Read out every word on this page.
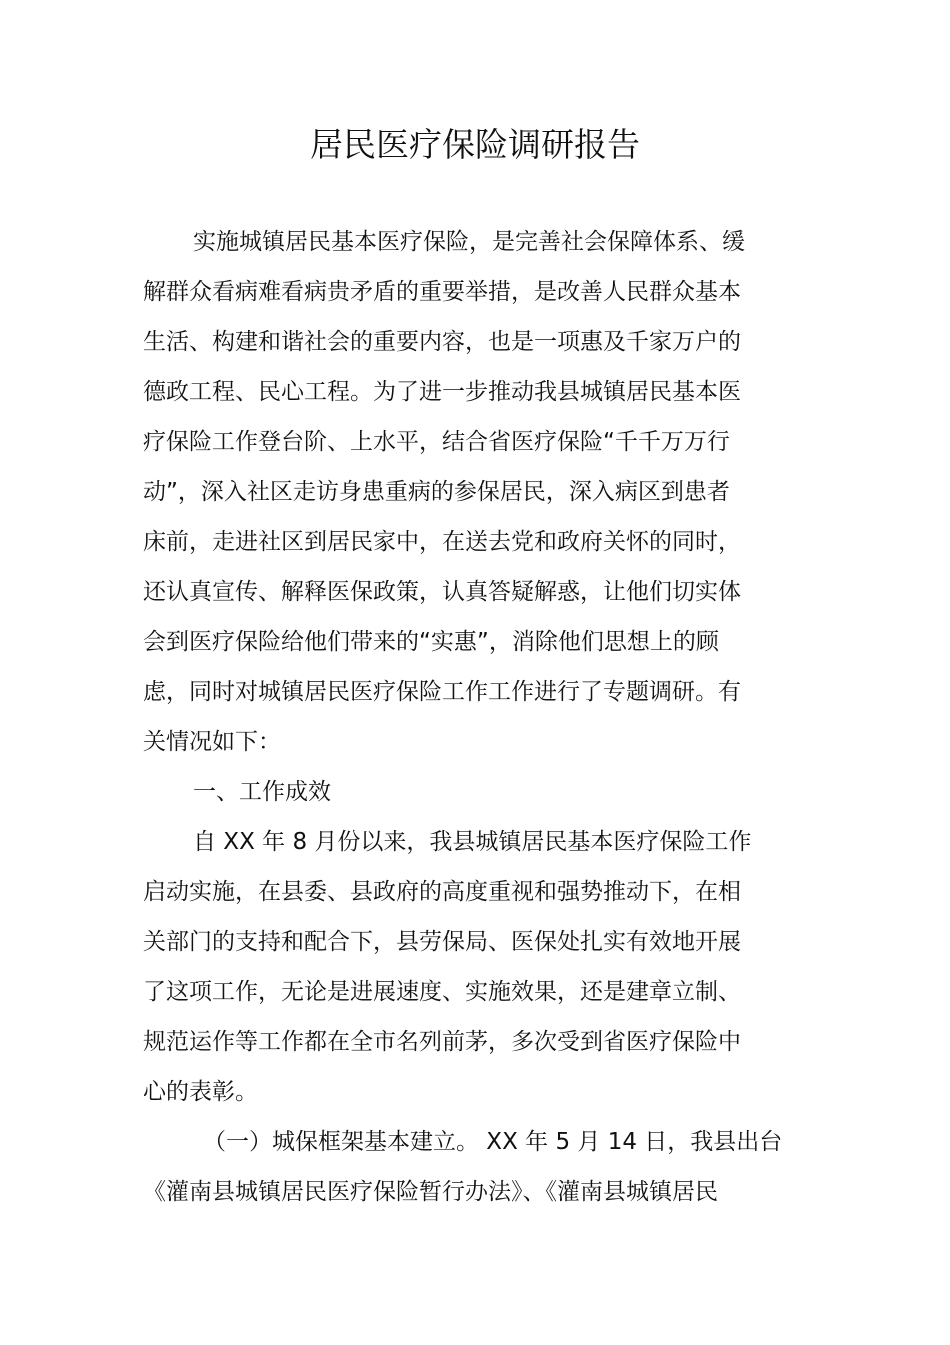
居民医疗保险调研报告
实施城镇居民基本医疗保险，是完善社会保障体系、缓
解群众看病难看病贵矛盾的重要举措，是改善人民群众基本
生活、构建和谐社会的重要内容，也是一项惠及千家万户的
德政工程、民心工程。为了进一步推动我县城镇居民基本医
疗保险工作登台阶、上水平，结合省医疗保险“千千万万行
动”，深入社区走访身患重病的参保居民，深入病区到患者
床前，走进社区到居民家中，在送去党和政府关怀的同时，
还认真宣传、解释医保政策，认真答疑解惑，让他们切实体
会到医疗保险给他们带来的“实惠”，消除他们思想上的顾
虑，同时对城镇居民医疗保险工作工作进行了专题调研。有
关情况如下：
一、工作成效
自 XX 年 8 月份以来，我县城镇居民基本医疗保险工作
启动实施，在县委、县政府的高度重视和强势推动下，在相
关部门的支持和配合下，县劳保局、医保处扎实有效地开展
了这项工作，无论是进展速度、实施效果，还是建章立制、
规范运作等工作都在全市名列前茅，多次受到省医疗保险中
心的表彰。
（一）城保框架基本建立。 XX 年 5 月 14 日，我县出台
《灌南县城镇居民医疗保险暂行办法》、《灌南县城镇居民
